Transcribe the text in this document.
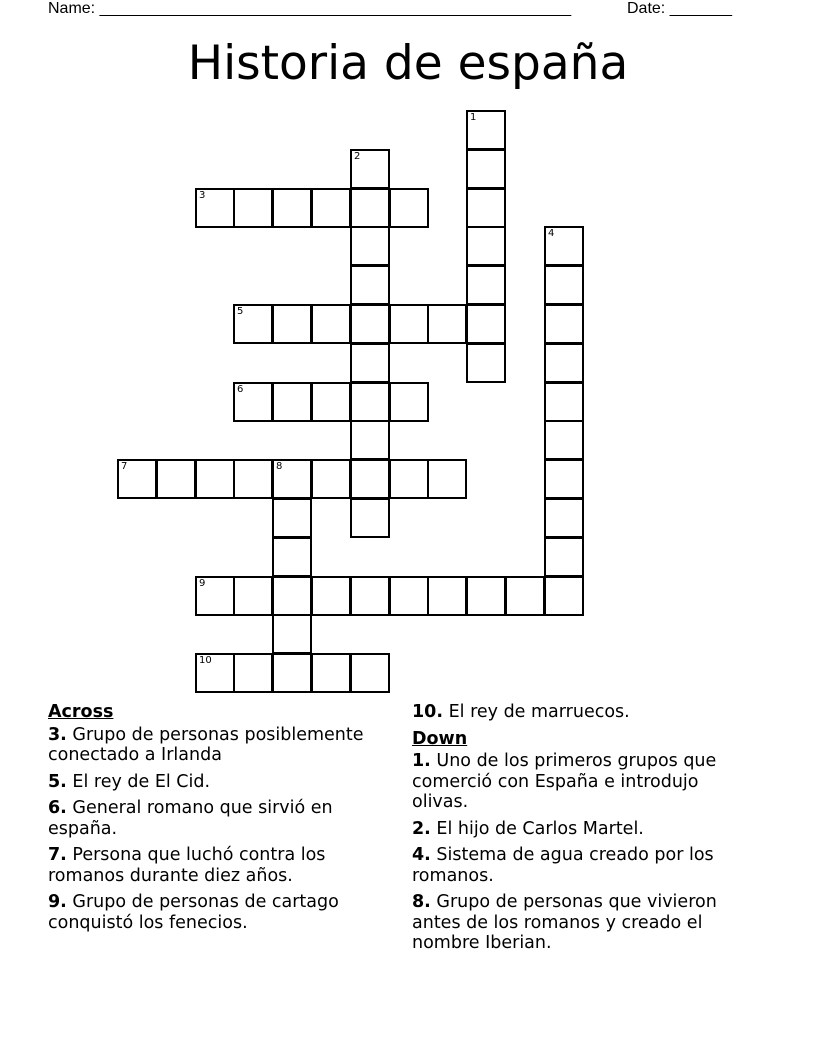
Name: _____________________________________________________	Date: _______
Historia de españa
1
2
3
4
5
6
7	8
9
10
Across
3. Grupo de personas posiblemente conectado a Irlanda
5. El rey de El Cid.
6. General romano que sirvió en españa.
7. Persona que luchó contra los romanos durante diez años.
9. Grupo de personas de cartago conquistó los fenecios.
10. El rey de marruecos.
Down
1. Uno de los primeros grupos que comerció con España e introdujo olivas.
2. El hijo de Carlos Martel.
4. Sistema de agua creado por los romanos.
8. Grupo de personas que vivieron antes de los romanos y creado el nombre Iberian.
